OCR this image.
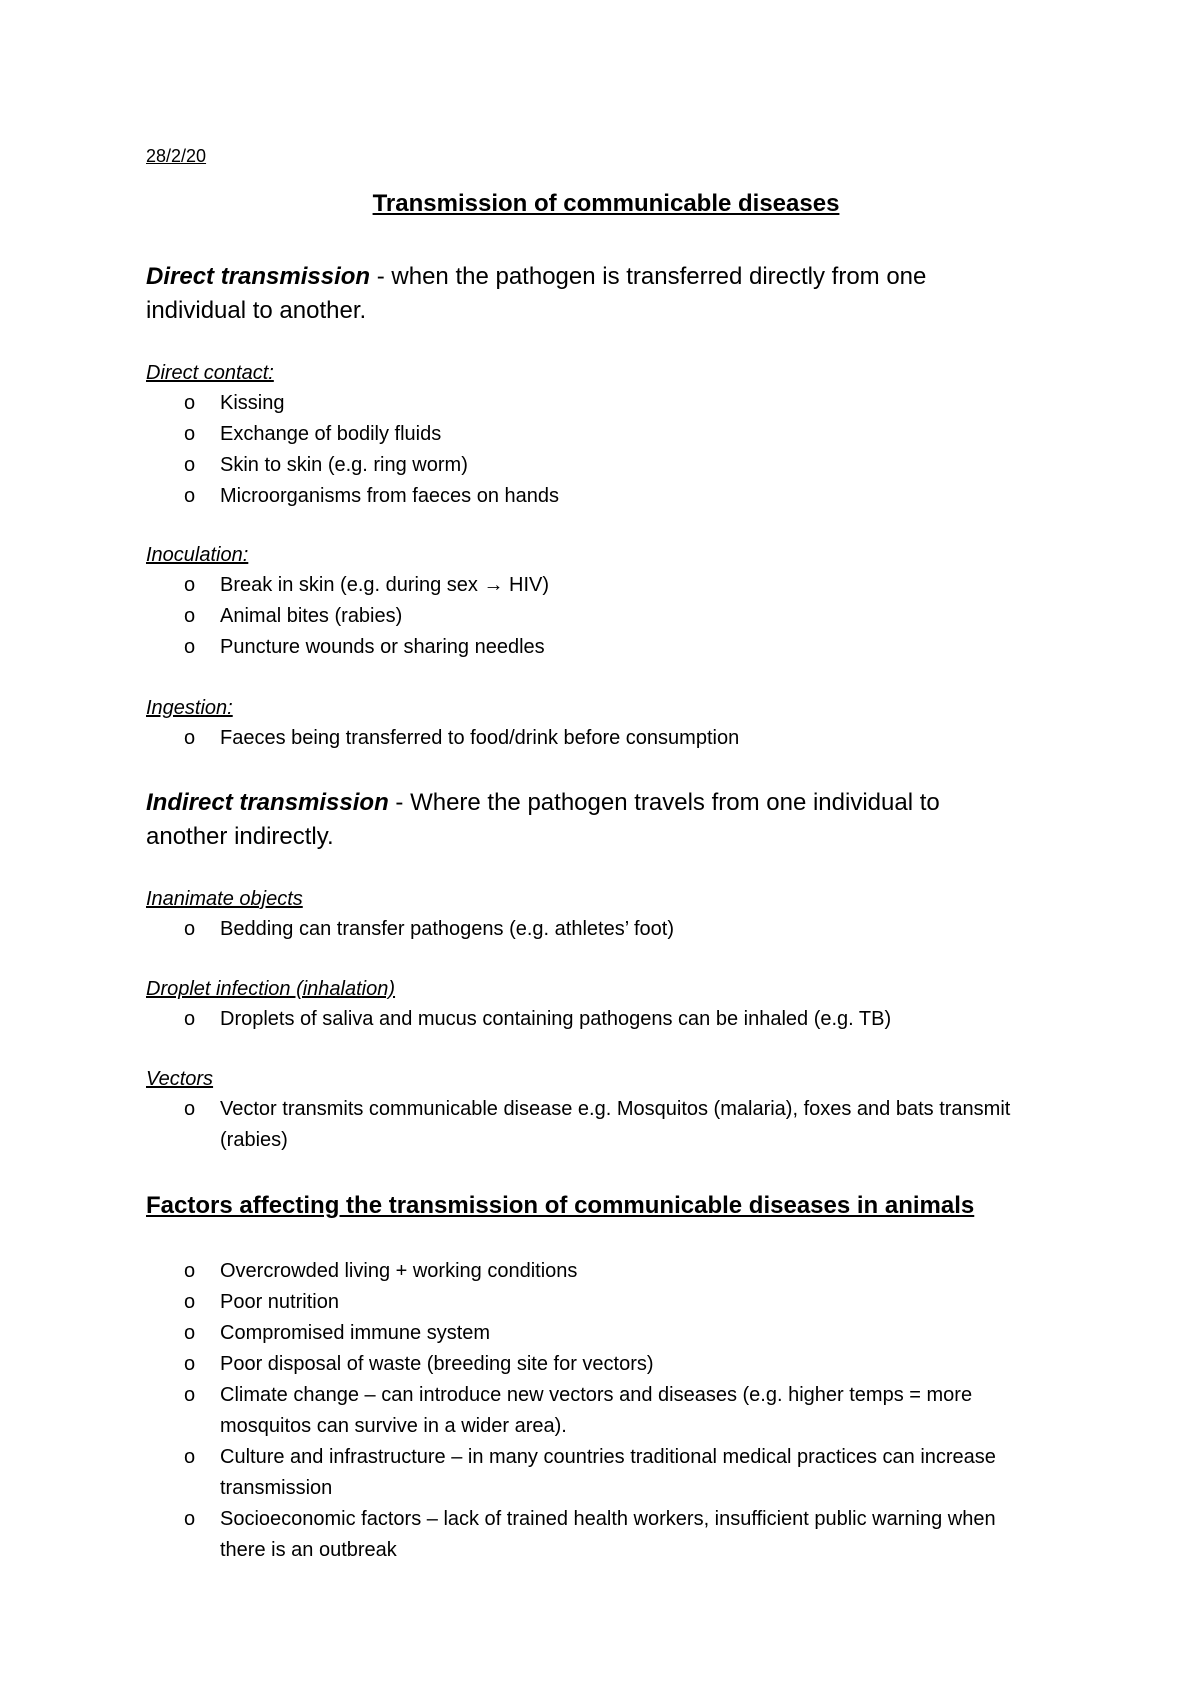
28/2/20
Transmission of communicable diseases
Direct transmission - when the pathogen is transferred directly from one individual to another.
Direct contact:
o Kissing
o Exchange of bodily fluids
o Skin to skin (e.g. ring worm)
o Microorganisms from faeces on hands
Inoculation:
o Break in skin (e.g. during sex → HIV)
o Animal bites (rabies)
o Puncture wounds or sharing needles
Ingestion:
o Faeces being transferred to food/drink before consumption
Indirect transmission - Where the pathogen travels from one individual to another indirectly.
Inanimate objects
o Bedding can transfer pathogens (e.g. athletes’ foot)
Droplet infection (inhalation)
o Droplets of saliva and mucus containing pathogens can be inhaled (e.g. TB)
Vectors
o Vector transmits communicable disease e.g. Mosquitos (malaria), foxes and bats transmit (rabies)
Factors affecting the transmission of communicable diseases in animals
o Overcrowded living + working conditions
o Poor nutrition
o Compromised immune system
o Poor disposal of waste (breeding site for vectors)
o Climate change – can introduce new vectors and diseases (e.g. higher temps = more mosquitos can survive in a wider area).
o Culture and infrastructure – in many countries traditional medical practices can increase transmission
o Socioeconomic factors – lack of trained health workers, insufficient public warning when there is an outbreak
